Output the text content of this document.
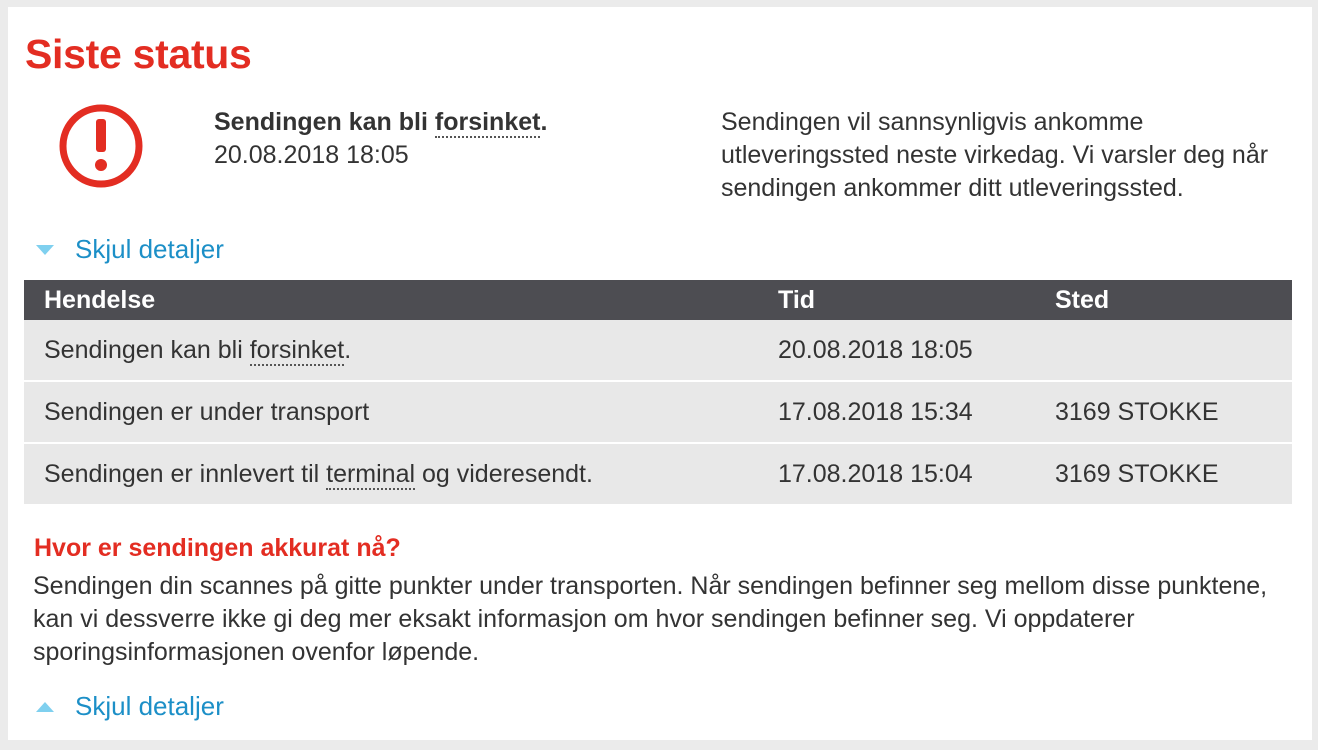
Siste status
Sendingen kan bli forsinket.
20.08.2018 18:05

Sendingen vil sannsynligvis ankomme utleveringssted neste virkedag. Vi varsler deg når sendingen ankommer ditt utleveringssted.

Skjul detaljer
Hendelse	Tid	Sted
Sendingen kan bli forsinket.	20.08.2018 18:05
Sendingen er under transport	17.08.2018 15:34	3169 STOKKE
Sendingen er innlevert til terminal og videresendt.	17.08.2018 15:04	3169 STOKKE
Hvor er sendingen akkurat nå?

Sendingen din scannes på gitte punkter under transporten. Når sendingen befinner seg mellom disse punktene, kan vi dessverre ikke gi deg mer eksakt informasjon om hvor sendingen befinner seg. Vi oppdaterer sporingsinformasjonen ovenfor løpende.

Skjul detaljer
